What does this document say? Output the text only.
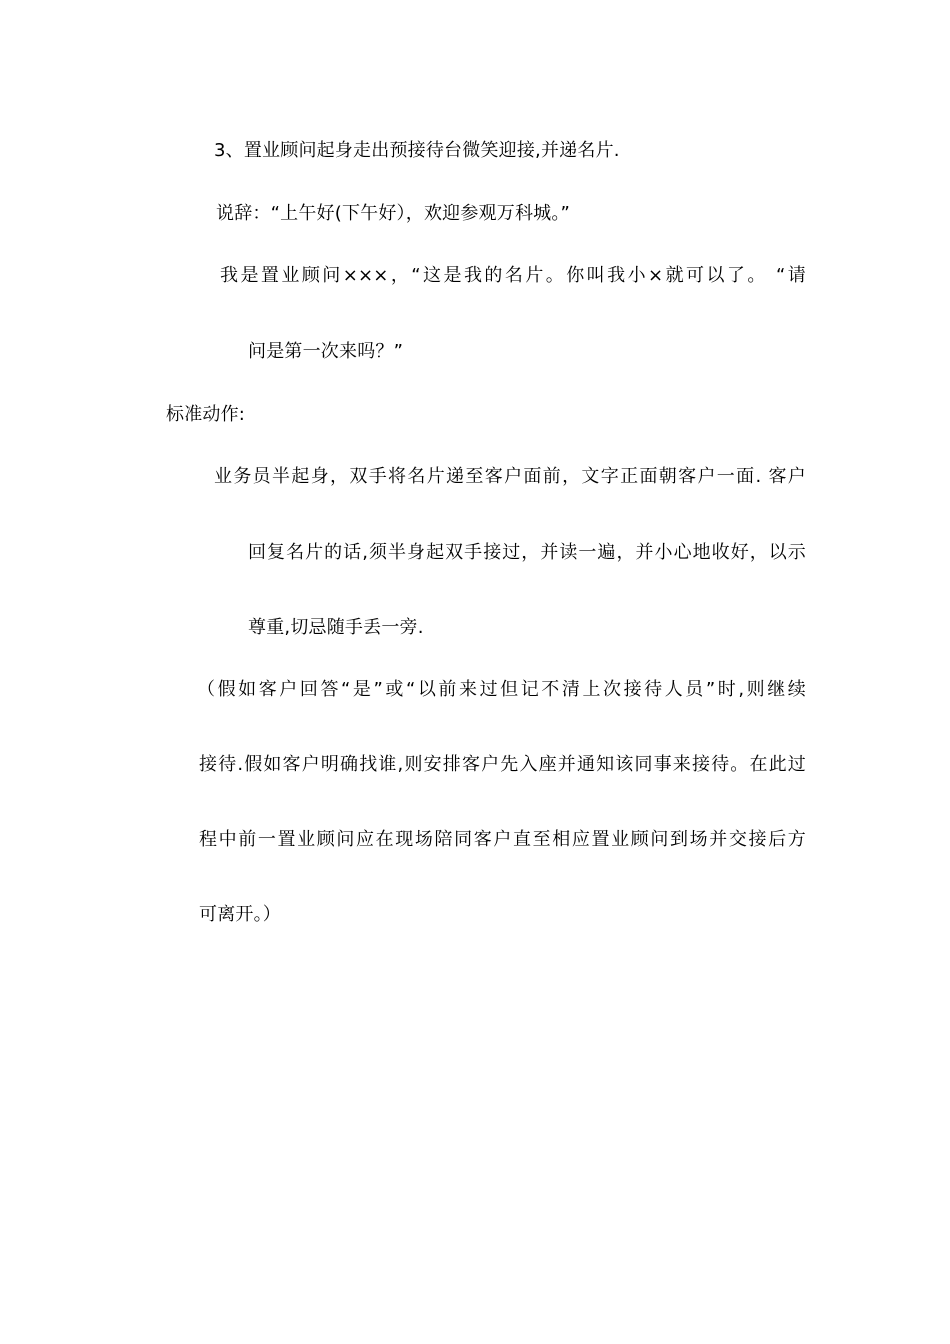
3、置业顾问起身走出预接待台微笑迎接,并递名片.
说辞：“上午好(下午好），欢迎参观万科城。”
我是置业顾问×××，“这是我的名片。你叫我小×就可以了。 “请
问是第一次来吗？”
标准动作:
业务员半起身，双手将名片递至客户面前，文字正面朝客户一面. 客户
回复名片的话,须半身起双手接过，并读一遍，并小心地收好，以示
尊重,切忌随手丢一旁.
（假如客户回答“是”或“以前来过但记不清上次接待人员”时,则继续
接待.假如客户明确找谁,则安排客户先入座并通知该同事来接待。在此过
程中前一置业顾问应在现场陪同客户直至相应置业顾问到场并交接后方
可离开。）
